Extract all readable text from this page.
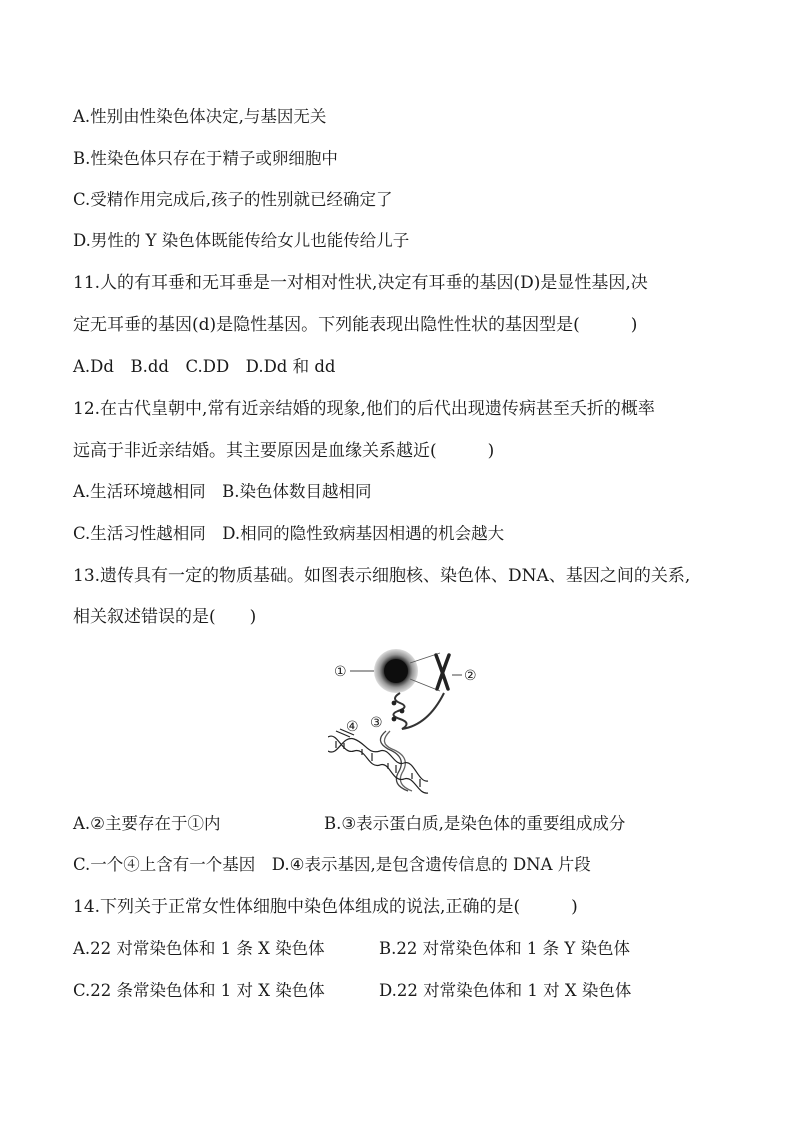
A.性别由性染色体决定,与基因无关
B.性染色体只存在于精子或卵细胞中
C.受精作用完成后,孩子的性别就已经确定了
D.男性的 Y 染色体既能传给女儿也能传给儿子
11.人的有耳垂和无耳垂是一对相对性状,决定有耳垂的基因(D)是显性基因,决
定无耳垂的基因(d)是隐性基因。下列能表现出隐性性状的基因型是(　　　)
A.Dd　B.dd　C.DD　D.Dd 和 dd
12.在古代皇朝中,常有近亲结婚的现象,他们的后代出现遗传病甚至夭折的概率
远高于非近亲结婚。其主要原因是血缘关系越近(　　　)
A.生活环境越相同　B.染色体数目越相同
C.生活习性越相同　D.相同的隐性致病基因相遇的机会越大
13.遗传具有一定的物质基础。如图表示细胞核、染色体、DNA、基因之间的关系,
相关叙述错误的是(　　)
①	②
③
④
A.②主要存在于①内	B.③表示蛋白质,是染色体的重要组成成分
C.一个④上含有一个基因　D.④表示基因,是包含遗传信息的 DNA 片段
14.下列关于正常女性体细胞中染色体组成的说法,正确的是(　　　)
A.22 对常染色体和 1 条 X 染色体	B.22 对常染色体和 1 条 Y 染色体
C.22 条常染色体和 1 对 X 染色体	D.22 对常染色体和 1 对 X 染色体
